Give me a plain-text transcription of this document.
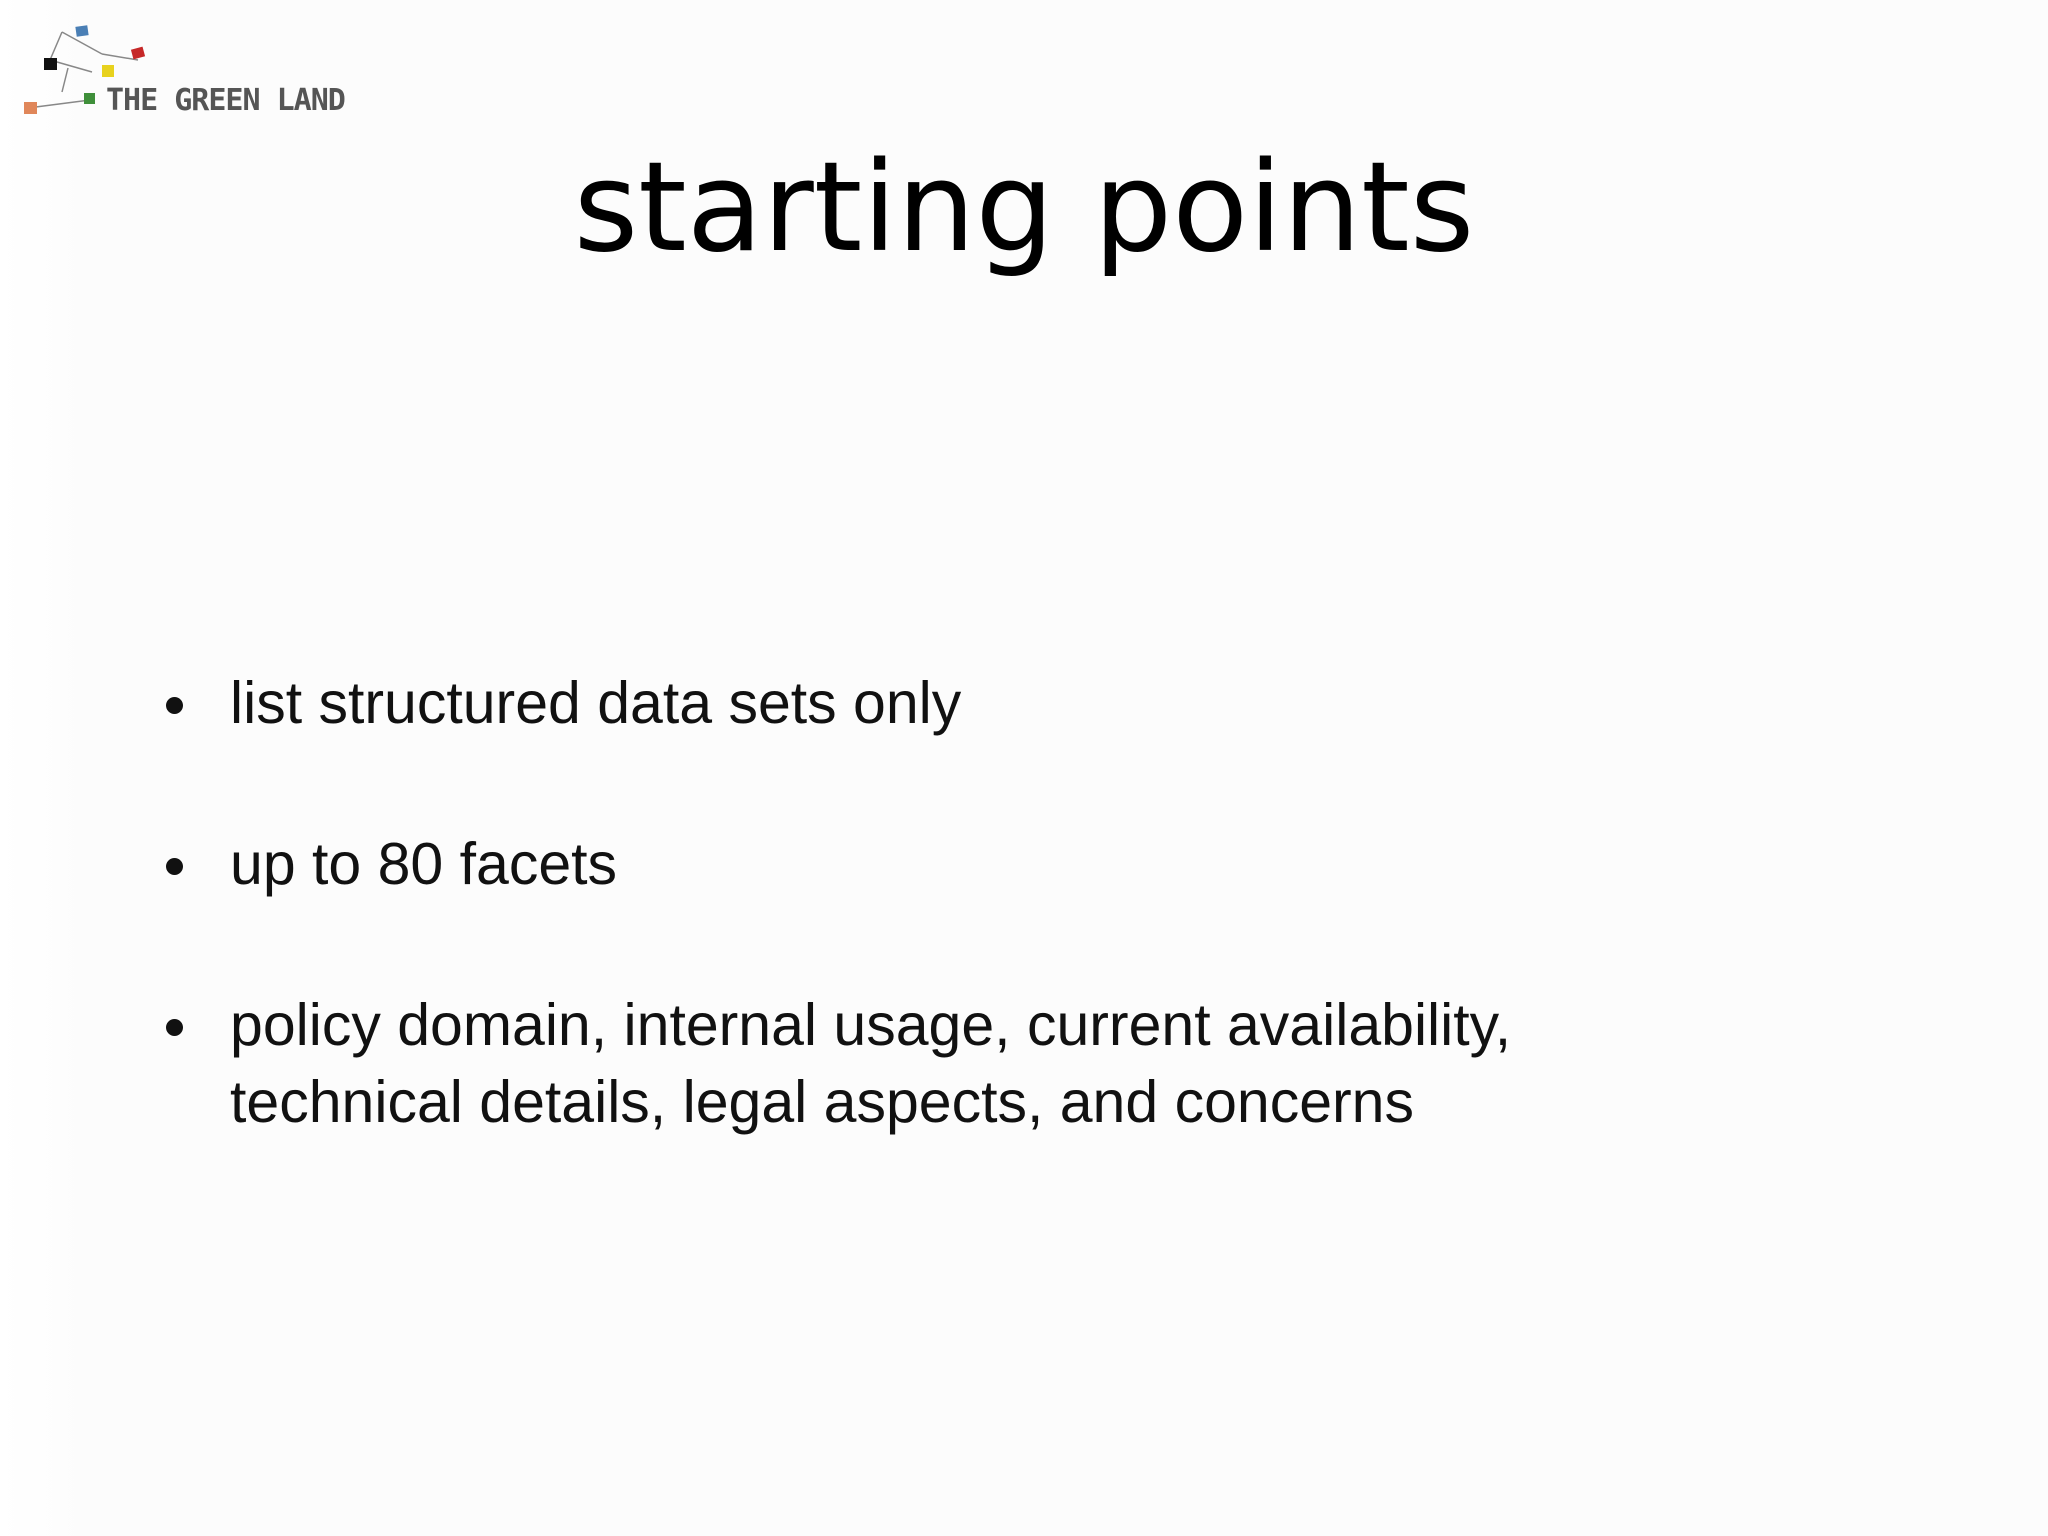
THE GREEN LAND
starting points
list structured data sets only
up to 80 facets
policy domain, internal usage, current availability,
technical details, legal aspects, and concerns
